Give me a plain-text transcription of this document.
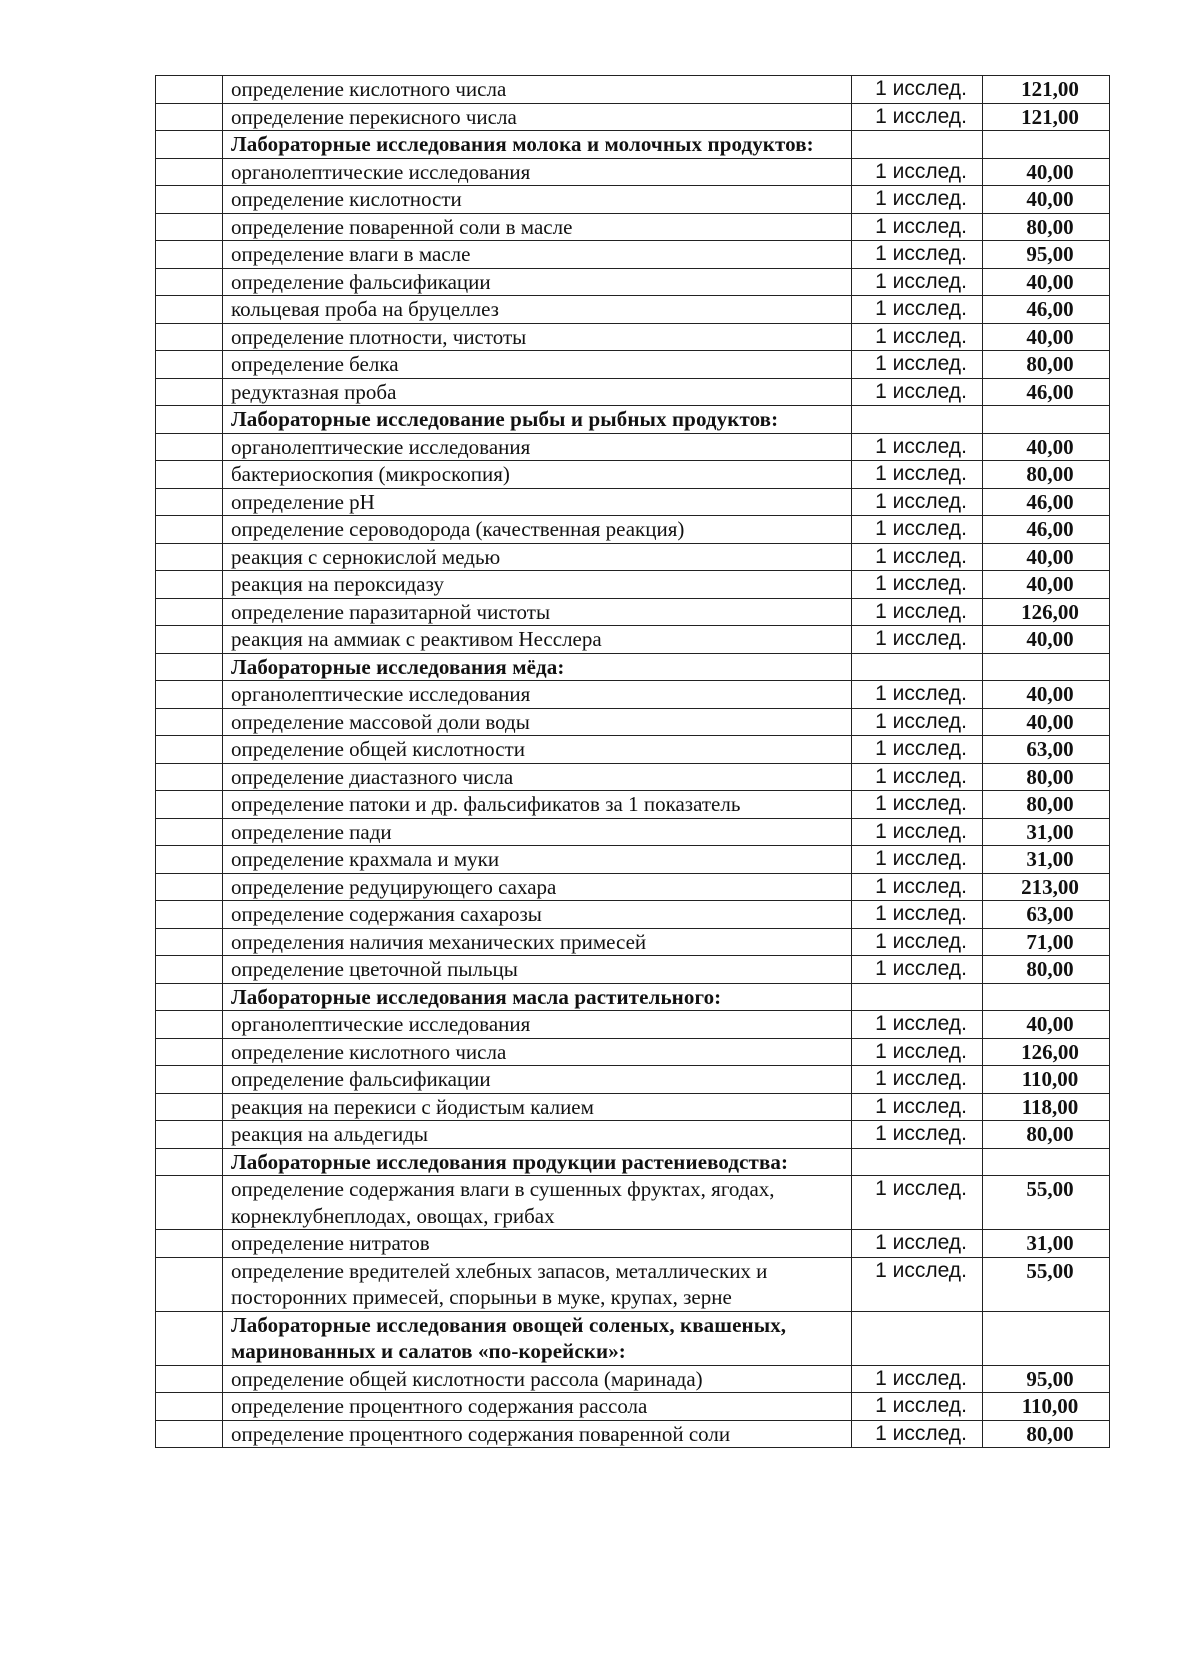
	определение кислотного числа	1 исслед.	121,00
	определение перекисного числа	1 исслед.	121,00
	Лабораторные исследования молока и молочных продуктов:		
	органолептические исследования	1 исслед.	40,00
	определение кислотности	1 исслед.	40,00
	определение поваренной соли в масле	1 исслед.	80,00
	определение влаги в масле	1 исслед.	95,00
	определение фальсификации	1 исслед.	40,00
	кольцевая проба на бруцеллез	1 исслед.	46,00
	определение плотности, чистоты	1 исслед.	40,00
	определение белка	1 исслед.	80,00
	редуктазная проба	1 исслед.	46,00
	Лабораторные исследование рыбы и рыбных продуктов:		
	органолептические исследования	1 исслед.	40,00
	бактериоскопия (микроскопия)	1 исслед.	80,00
	определение pH	1 исслед.	46,00
	определение сероводорода (качественная реакция)	1 исслед.	46,00
	реакция с сернокислой медью	1 исслед.	40,00
	реакция на пероксидазу	1 исслед.	40,00
	определение паразитарной чистоты	1 исслед.	126,00
	реакция на аммиак с реактивом Несслера	1 исслед.	40,00
	Лабораторные исследования мёда:		
	органолептические исследования	1 исслед.	40,00
	определение массовой доли воды	1 исслед.	40,00
	определение общей кислотности	1 исслед.	63,00
	определение диастазного числа	1 исслед.	80,00
	определение патоки и др. фальсификатов за 1 показатель	1 исслед.	80,00
	определение пади	1 исслед.	31,00
	определение крахмала и муки	1 исслед.	31,00
	определение редуцирующего сахара	1 исслед.	213,00
	определение содержания сахарозы	1 исслед.	63,00
	определения наличия механических примесей	1 исслед.	71,00
	определение цветочной пыльцы	1 исслед.	80,00
	Лабораторные исследования масла растительного:		
	органолептические исследования	1 исслед.	40,00
	определение кислотного числа	1 исслед.	126,00
	определение фальсификации	1 исслед.	110,00
	реакция на перекиси с йодистым калием	1 исслед.	118,00
	реакция на альдегиды	1 исслед.	80,00
	Лабораторные исследования продукции растениеводства:		
	определение содержания влаги в сушенных фруктах, ягодах, корнеклубнеплодах, овощах, грибах	1 исслед.	55,00
	определение нитратов	1 исслед.	31,00
	определение вредителей хлебных запасов, металлических и посторонних примесей, спорыньи в муке, крупах, зерне	1 исслед.	55,00
	Лабораторные исследования овощей соленых, квашеных, маринованных и салатов «по-корейски»:		
	определение общей кислотности рассола (маринада)	1 исслед.	95,00
	определение процентного содержания рассола	1 исслед.	110,00
	определение процентного содержания поваренной соли	1 исслед.	80,00
